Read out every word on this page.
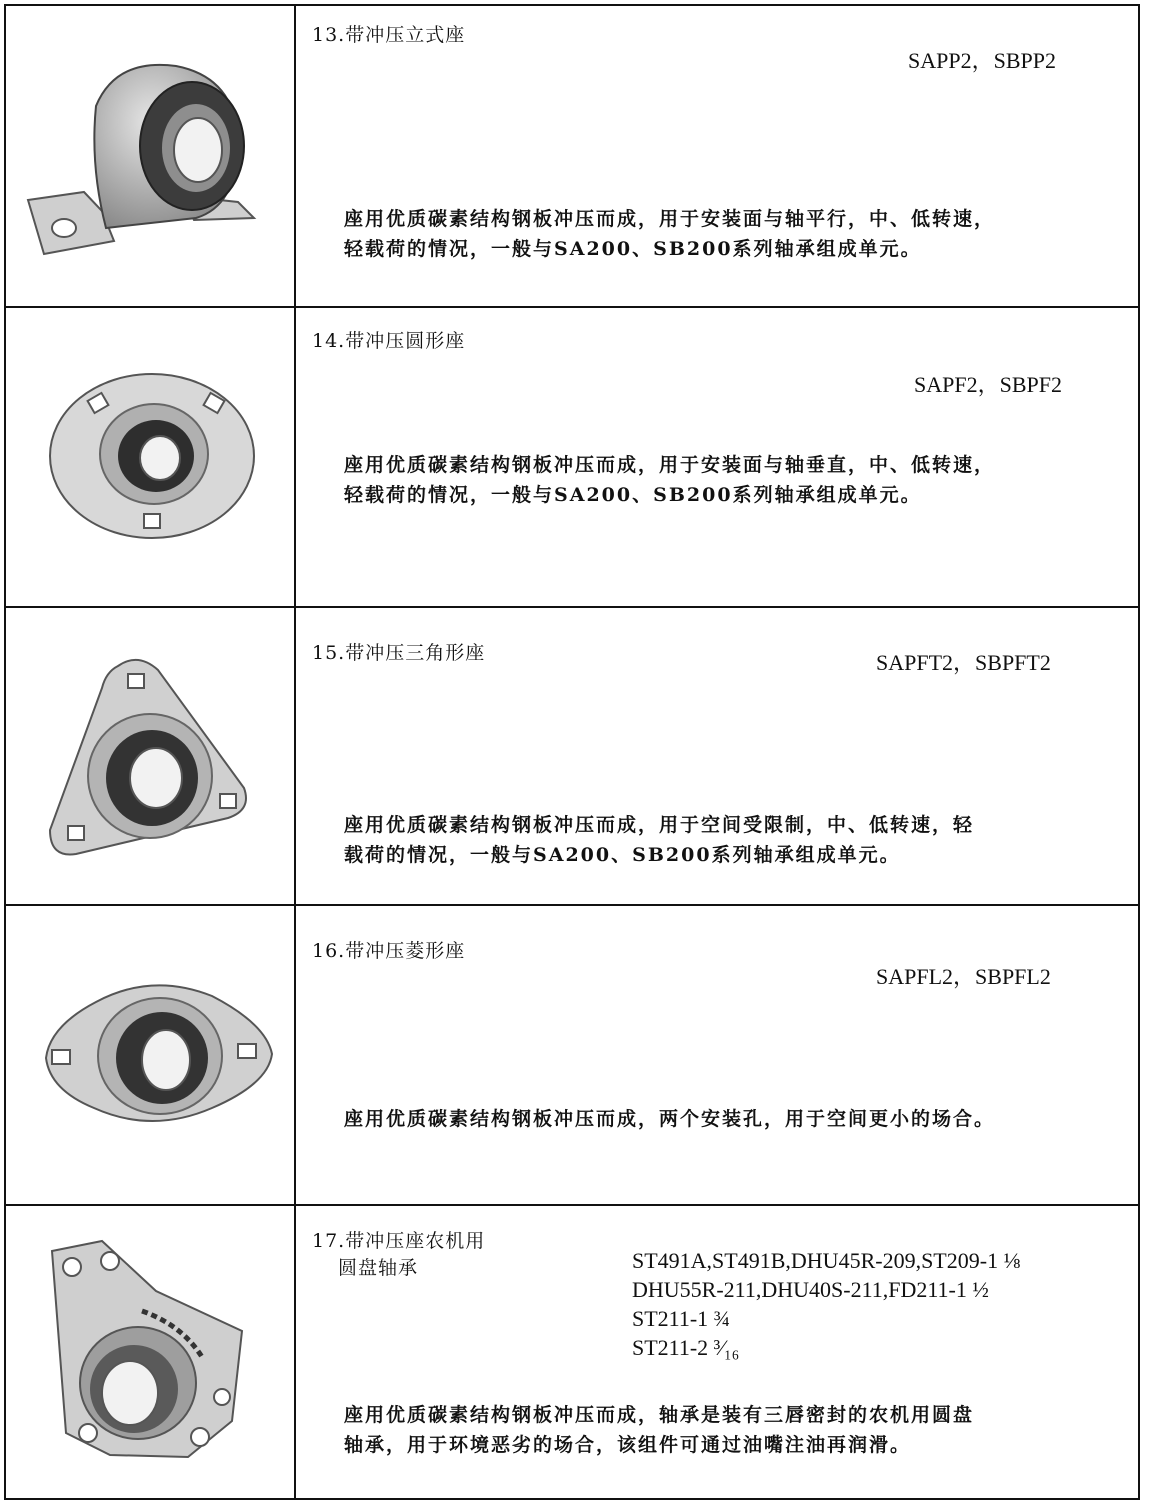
13.带冲压立式座
SAPP2，SBPP2

座用优质碳素结构钢板冲压而成，用于安装面与轴平行，中、低转速，

轻载荷的情况，一般与SA200、SB200系列轴承组成单元。

14.带冲压圆形座
SAPF2，SBPF2

座用优质碳素结构钢板冲压而成，用于安装面与轴垂直，中、低转速，

轻载荷的情况，一般与SA200、SB200系列轴承组成单元。

15.带冲压三角形座	SAPFT2，SBPFT2

座用优质碳素结构钢板冲压而成，用于空间受限制，中、低转速，轻

载荷的情况，一般与SA200、SB200系列轴承组成单元。

16.带冲压菱形座
SAPFL2，SBPFL2

座用优质碳素结构钢板冲压而成，两个安装孔，用于空间更小的场合。

17.带冲压座农机用
圆盘轴承	ST491A,ST491B,DHU45R-209,ST209-1 ⅛
DHU55R-211,DHU40S-211,FD211-1 ½
ST211-1 ¾
ST211-2 ³⁄₁₆

座用优质碳素结构钢板冲压而成，轴承是装有三唇密封的农机用圆盘

轴承，用于环境恶劣的场合，该组件可通过油嘴注油再润滑。
